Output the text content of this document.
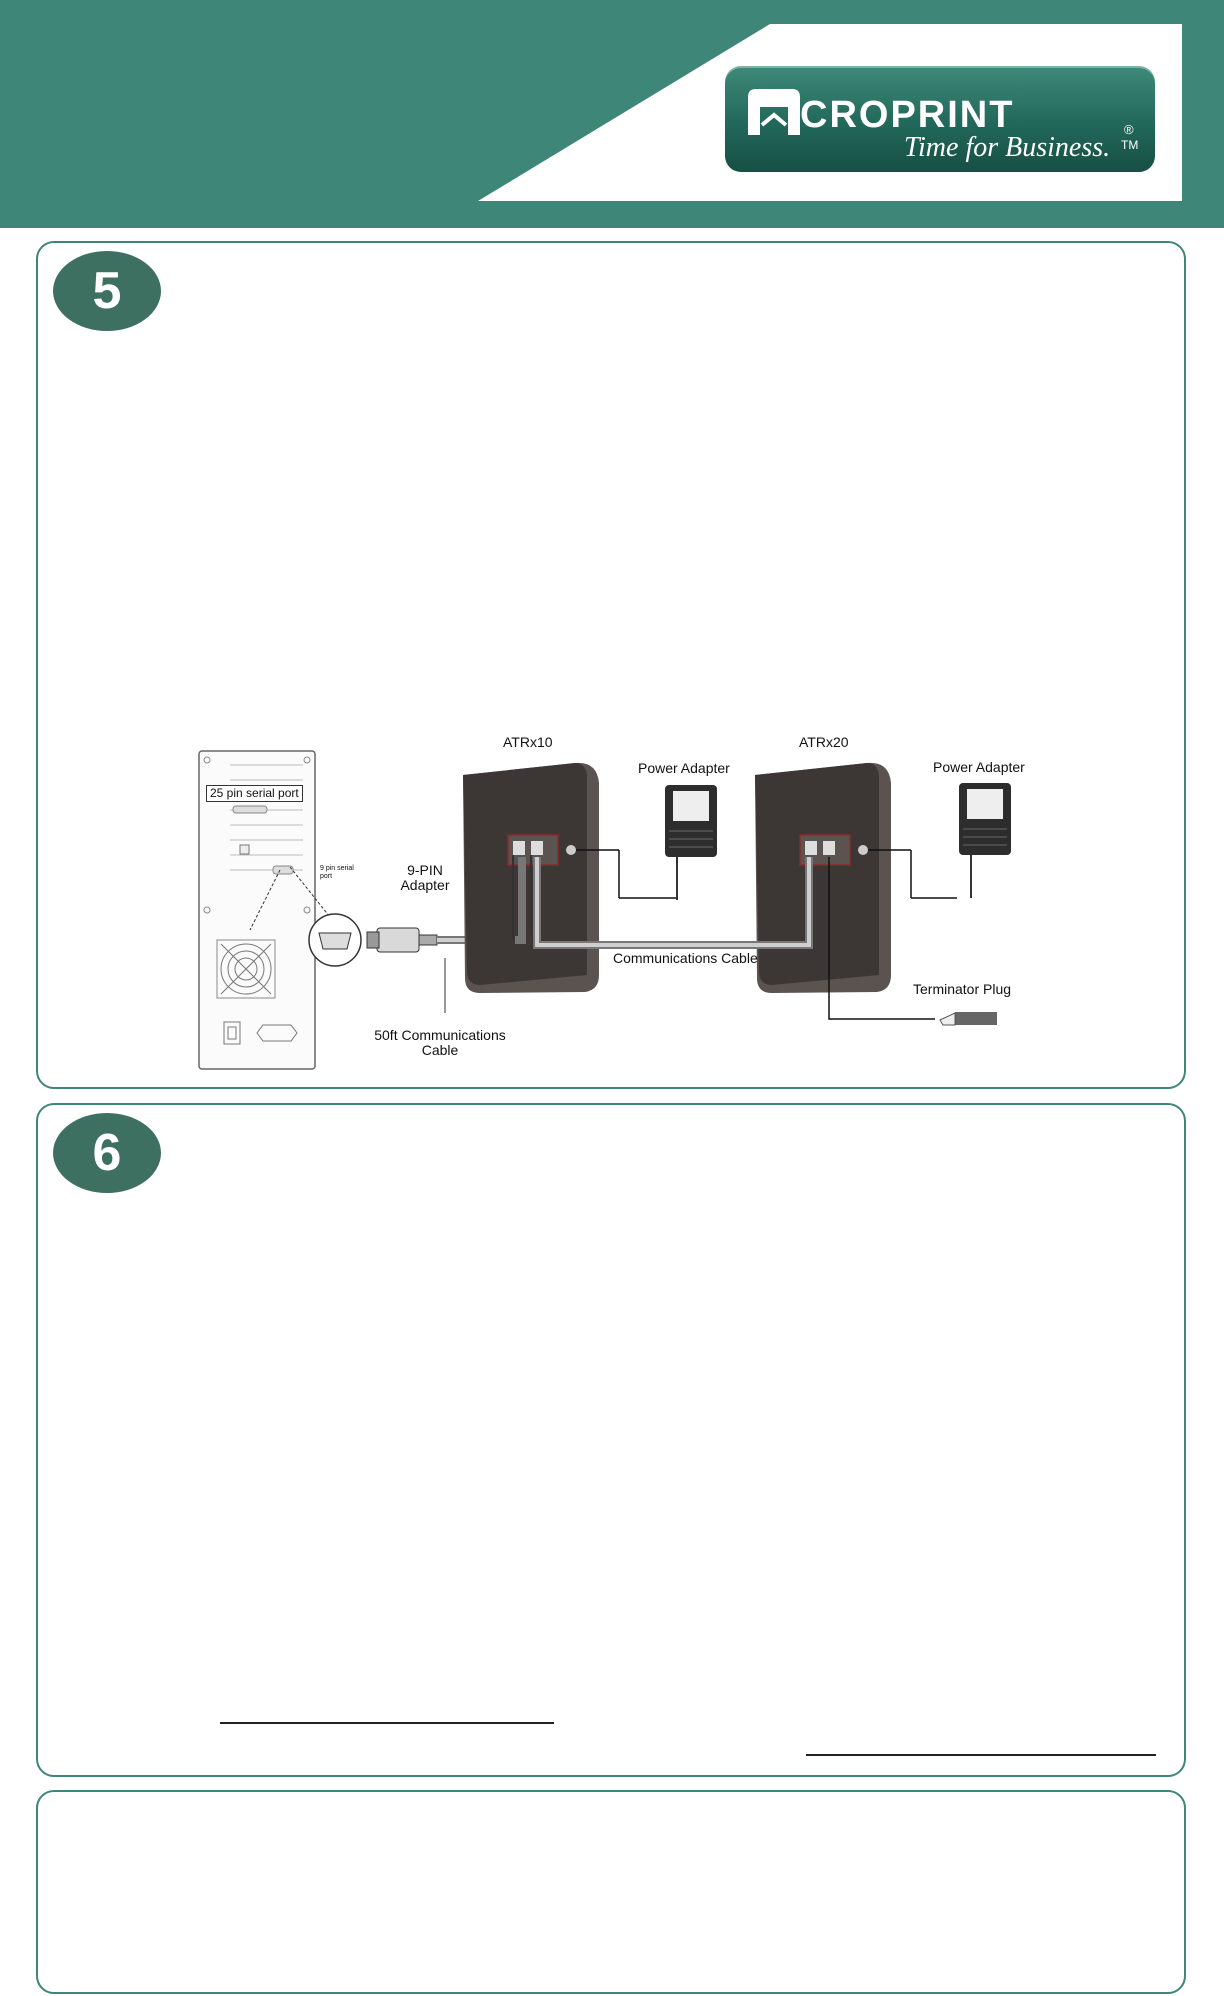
CROPRINT	®
Time for Business. TM
5
6
25 pin serial port
9 pin serial port	9-PIN Adapter
50ft Communications Cable
ATRx10	ATRx20
Power Adapter	Power Adapter
Communications Cable
Terminator Plug
